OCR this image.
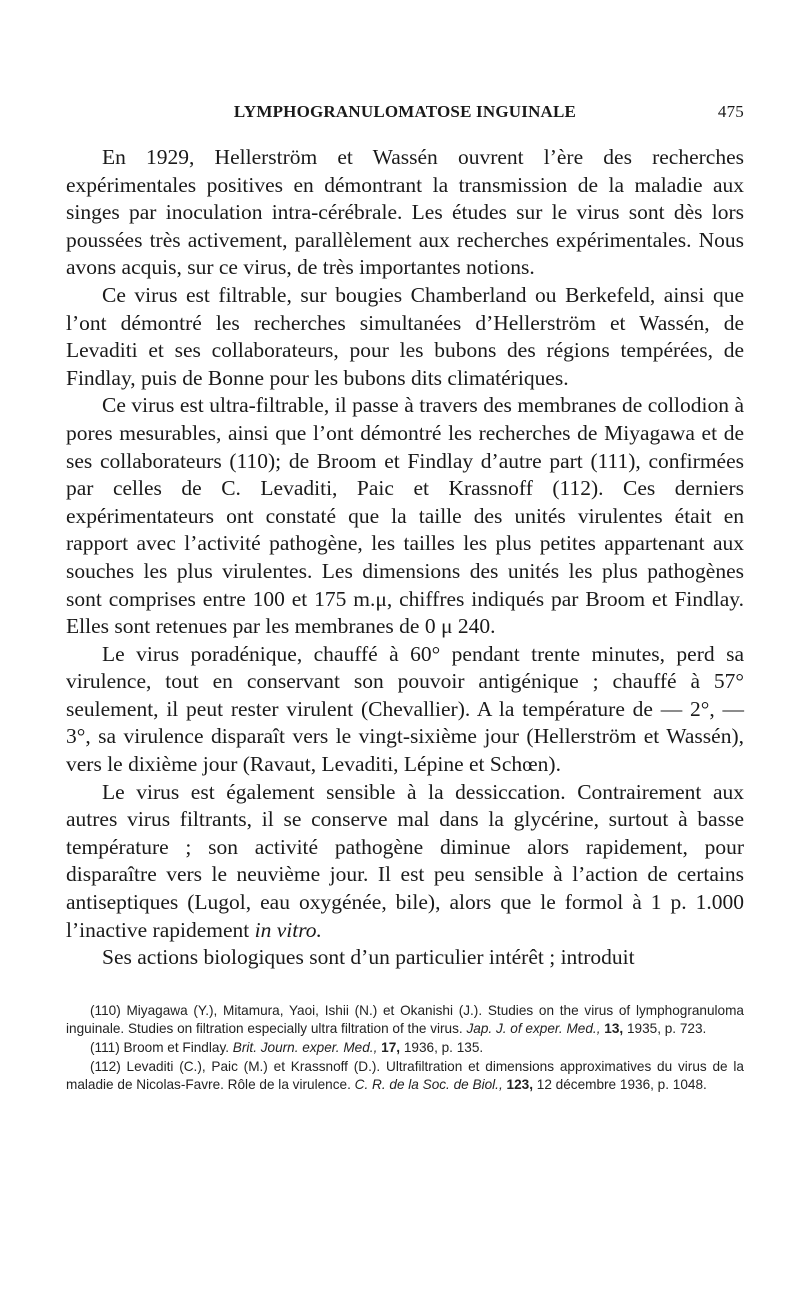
LYMPHOGRANULOMATOSE INGUINALE	475

En 1929, Hellerström et Wassén ouvrent l’ère des recherches expérimentales positives en démontrant la transmission de la maladie aux singes par inoculation intra-cérébrale. Les études sur le virus sont dès lors poussées très activement, parallèlement aux recherches expérimentales. Nous avons acquis, sur ce virus, de très importantes notions.

Ce virus est filtrable, sur bougies Chamberland ou Berkefeld, ainsi que l’ont démontré les recherches simultanées d’Hellerström et Wassén, de Levaditi et ses collaborateurs, pour les bubons des régions tempérées, de Findlay, puis de Bonne pour les bubons dits climatériques.

Ce virus est ultra-filtrable, il passe à travers des membranes de collodion à pores mesurables, ainsi que l’ont démontré les recherches de Miyagawa et de ses collaborateurs (110); de Broom et Findlay d’autre part (111), confirmées par celles de C. Levaditi, Paic et Krassnoff (112). Ces derniers expérimentateurs ont constaté que la taille des unités virulentes était en rapport avec l’activité pathogène, les tailles les plus petites appartenant aux souches les plus virulentes. Les dimensions des unités les plus pathogènes sont comprises entre 100 et 175 m.μ, chiffres indiqués par Broom et Findlay. Elles sont retenues par les membranes de 0 μ 240.

Le virus poradénique, chauffé à 60° pendant trente minutes, perd sa virulence, tout en conservant son pouvoir antigénique ; chauffé à 57° seulement, il peut rester virulent (Chevallier). A la température de — 2°, — 3°, sa virulence disparaît vers le vingt-sixième jour (Hellerström et Wassén), vers le dixième jour (Ravaut, Levaditi, Lépine et Schœn).

Le virus est également sensible à la dessiccation. Contrairement aux autres virus filtrants, il se conserve mal dans la glycérine, surtout à basse température ; son activité pathogène diminue alors rapidement, pour disparaître vers le neuvième jour. Il est peu sensible à l’action de certains antiseptiques (Lugol, eau oxygénée, bile), alors que le formol à 1 p. 1.000 l’inactive rapidement in vitro.

Ses actions biologiques sont d’un particulier intérêt ; introduit

(110) Miyagawa (Y.), Mitamura, Yaoi, Ishii (N.) et Okanishi (J.). Studies on the virus of lymphogranuloma inguinale. Studies on filtration especially ultra filtration of the virus. Jap. J. of exper. Med., 13, 1935, p. 723.

(111) Broom et Findlay. Brit. Journ. exper. Med., 17, 1936, p. 135.

(112) Levaditi (C.), Paic (M.) et Krassnoff (D.). Ultrafiltration et dimensions approximatives du virus de la maladie de Nicolas-Favre. Rôle de la virulence. C. R. de la Soc. de Biol., 123, 12 décembre 1936, p. 1048.
